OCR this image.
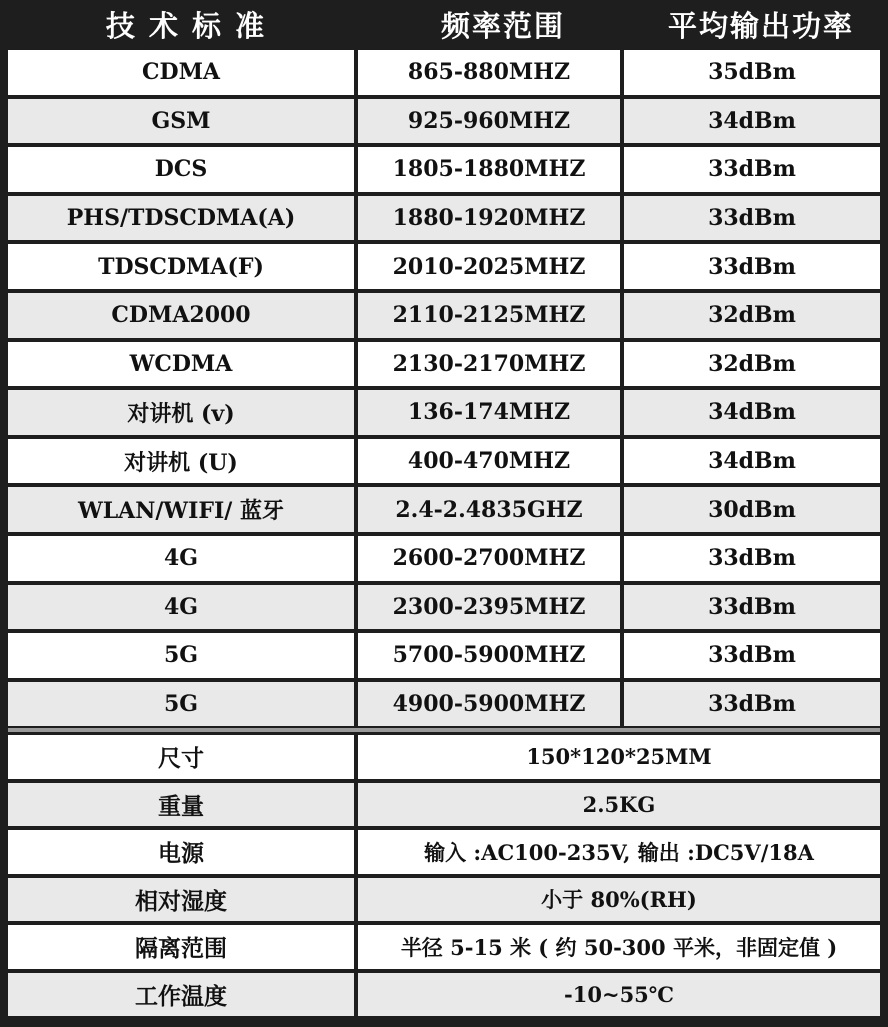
技 术 标 准	频率范围	平均输出功率
CDMA	865-880MHZ	35dBm
GSM	925-960MHZ	34dBm
DCS	1805-1880MHZ	33dBm
PHS/TDSCDMA(A)	1880-1920MHZ	33dBm
TDSCDMA(F)	2010-2025MHZ	33dBm
CDMA2000	2110-2125MHZ	32dBm
WCDMA	2130-2170MHZ	32dBm
对讲机 (v)	136-174MHZ	34dBm
对讲机 (U)	400-470MHZ	34dBm
WLAN/WIFI/ 蓝牙	2.4-2.4835GHZ	30dBm
4G	2600-2700MHZ	33dBm
4G	2300-2395MHZ	33dBm
5G	5700-5900MHZ	33dBm
5G	4900-5900MHZ	33dBm
尺寸	150*120*25MM
重量	2.5KG
电源	输入 :AC100-235V, 输出 :DC5V/18A
相对湿度	小于 80%(RH)
隔离范围	半径 5-15 米 ( 约 50-300 平米，非固定值 )
工作温度	-10~55℃
